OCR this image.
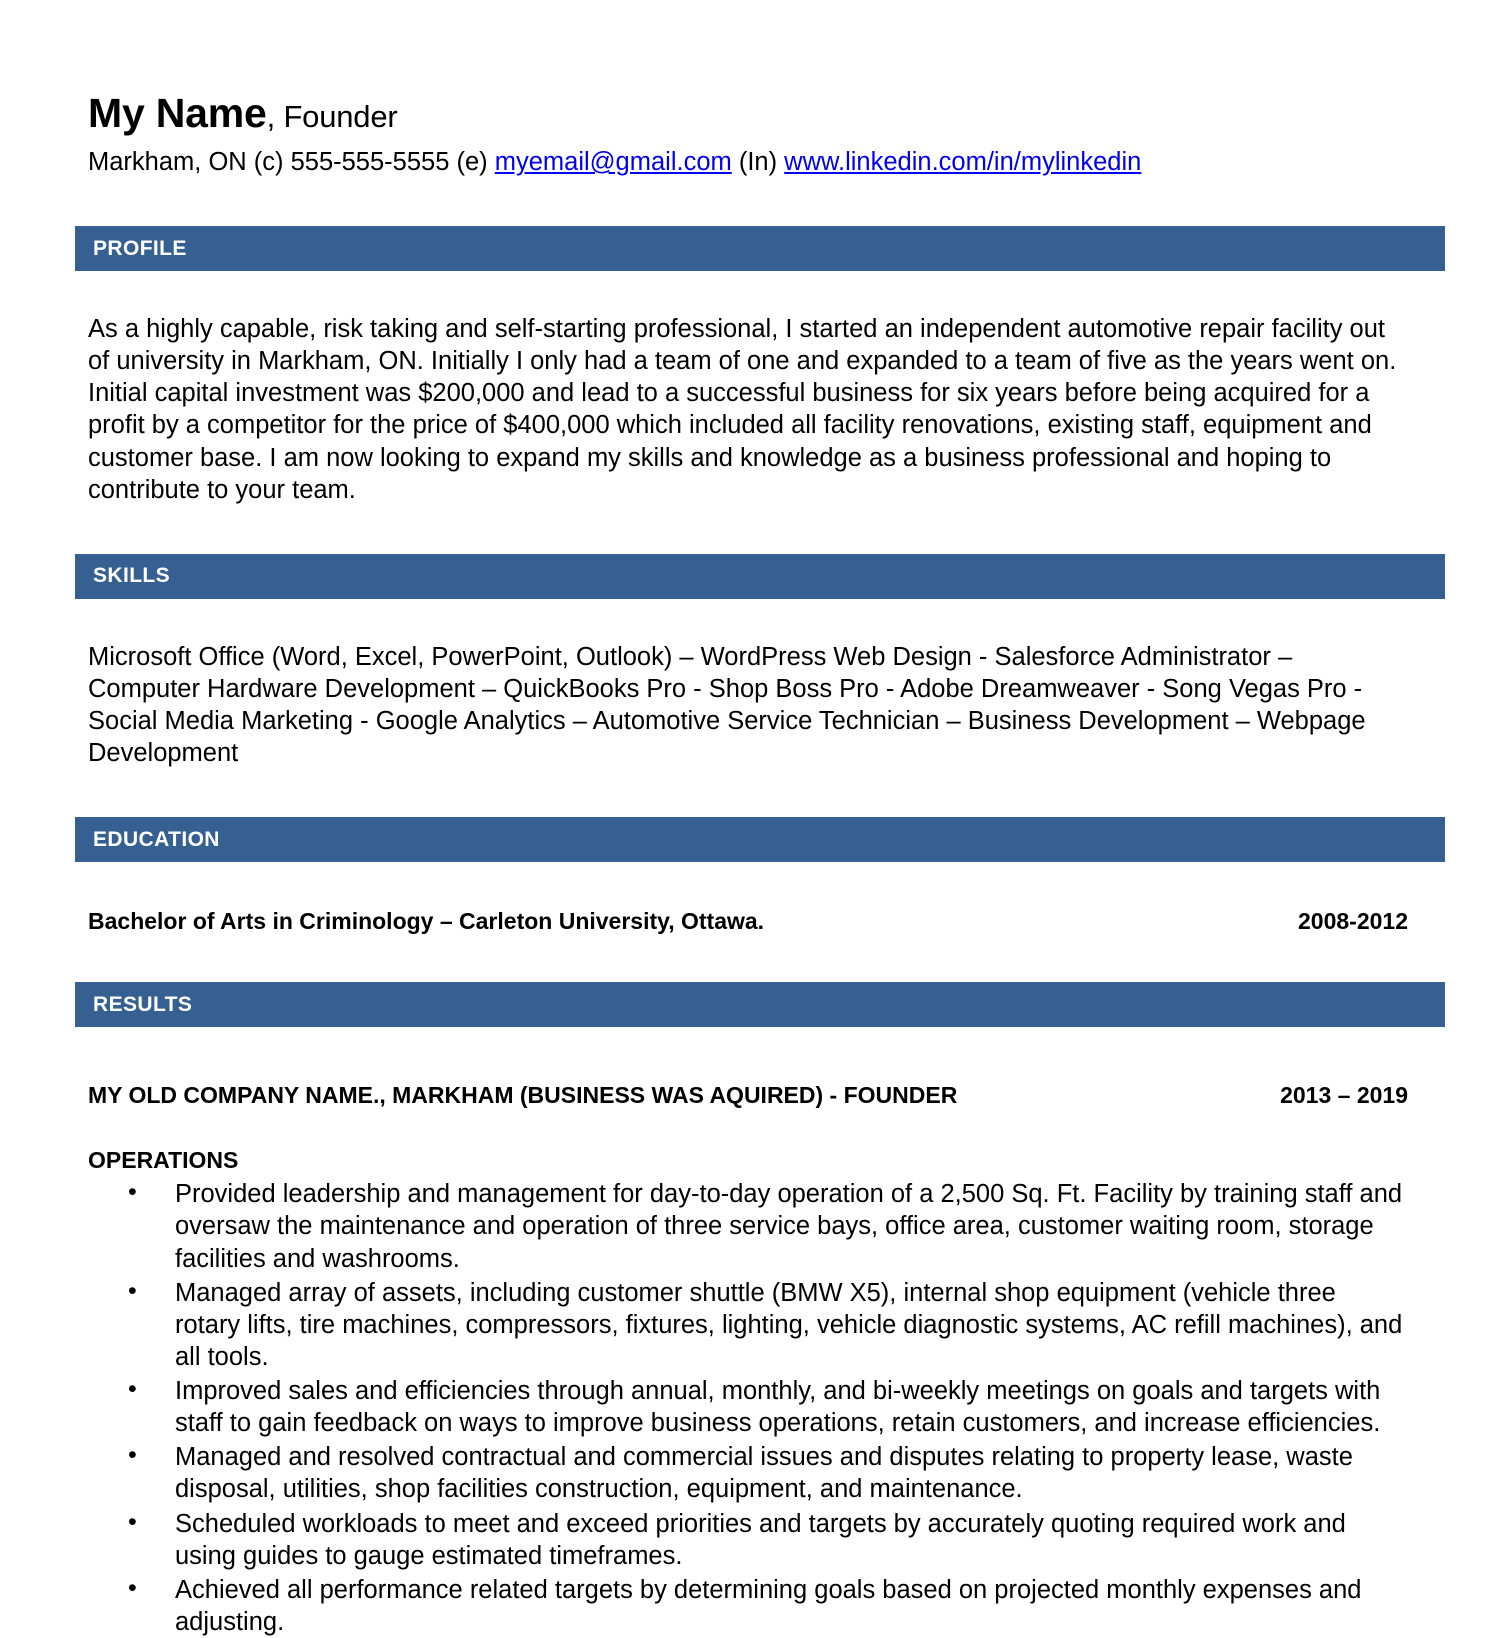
My Name, Founder
Markham, ON (c) 555-555-5555 (e) myemail@gmail.com (In) www.linkedin.com/in/mylinkedin
PROFILE

As a highly capable, risk taking and self-starting professional, I started an independent automotive repair facility out of university in Markham, ON. Initially I only had a team of one and expanded to a team of five as the years went on. Initial capital investment was $200,000 and lead to a successful business for six years before being acquired for a profit by a competitor for the price of $400,000 which included all facility renovations, existing staff, equipment and customer base. I am now looking to expand my skills and knowledge as a business professional and hoping to contribute to your team.

SKILLS

Microsoft Office (Word, Excel, PowerPoint, Outlook) – WordPress Web Design - Salesforce Administrator – Computer Hardware Development – QuickBooks Pro - Shop Boss Pro - Adobe Dreamweaver - Song Vegas Pro - Social Media Marketing - Google Analytics – Automotive Service Technician – Business Development – Webpage Development

EDUCATION
Bachelor of Arts in Criminology – Carleton University, Ottawa.	2008-2012
RESULTS
MY OLD COMPANY NAME., MARKHAM (BUSINESS WAS AQUIRED) - FOUNDER	2013 – 2019
OPERATIONS
• Provided leadership and management for day-to-day operation of a 2,500 Sq. Ft. Facility by training staff and oversaw the maintenance and operation of three service bays, office area, customer waiting room, storage facilities and washrooms.
• Managed array of assets, including customer shuttle (BMW X5), internal shop equipment (vehicle three rotary lifts, tire machines, compressors, fixtures, lighting, vehicle diagnostic systems, AC refill machines), and all tools.
• Improved sales and efficiencies through annual, monthly, and bi-weekly meetings on goals and targets with staff to gain feedback on ways to improve business operations, retain customers, and increase efficiencies.
• Managed and resolved contractual and commercial issues and disputes relating to property lease, waste disposal, utilities, shop facilities construction, equipment, and maintenance.
• Scheduled workloads to meet and exceed priorities and targets by accurately quoting required work and using guides to gauge estimated timeframes.
• Achieved all performance related targets by determining goals based on projected monthly expenses and adjusting.
